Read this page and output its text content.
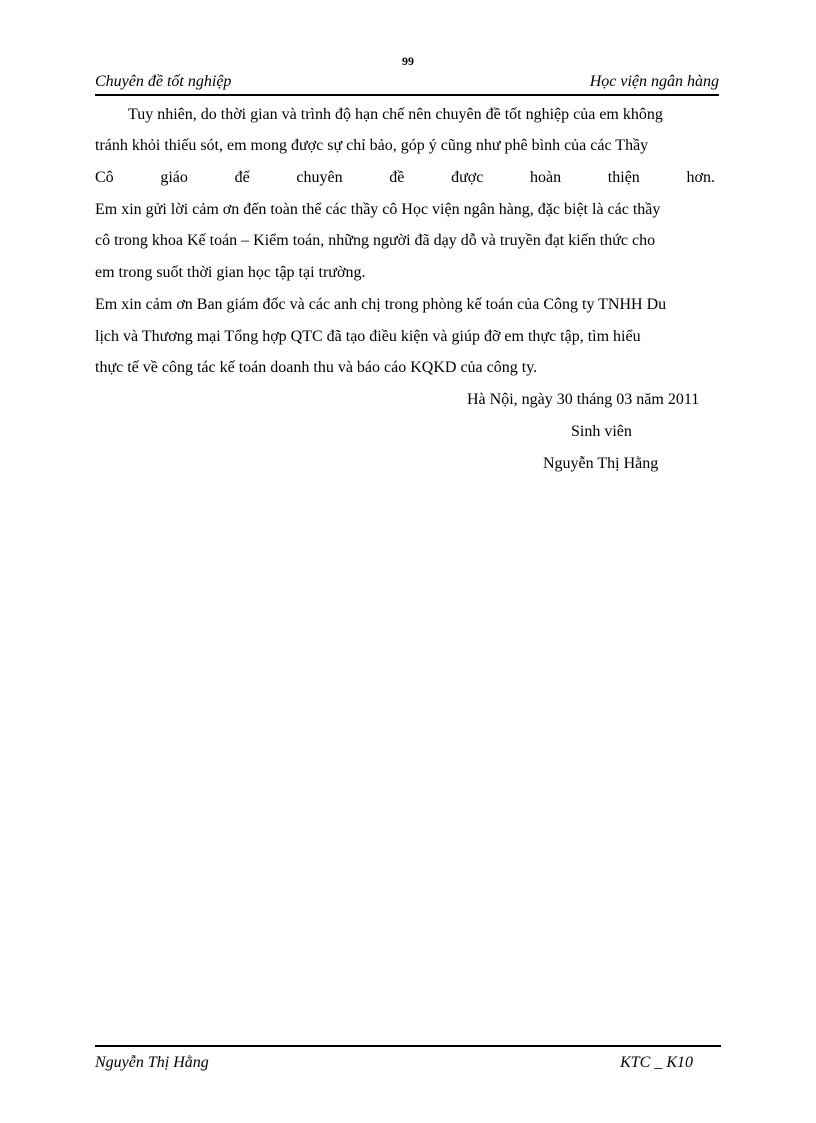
99
Chuyên đề tốt nghiệp	Học viện ngân hàng
Tuy nhiên, do thời gian và trình độ hạn chế nên chuyên đề tốt nghiệp của em không
tránh khỏi thiếu sót, em mong được sự chỉ bảo, góp ý cũng như phê bình của các Thầy
Cô	giáo	để	chuyên	đề	được	hoàn	thiện	hơn.
Em xin gửi lời cảm ơn đến toàn thể các thầy cô Học viện ngân hàng, đặc biệt là các thầy
cô trong khoa Kế toán – Kiểm toán, những người đã dạy dỗ và truyền đạt kiến thức cho
em trong suốt thời gian học tập tại trường.
Em xin cảm ơn Ban giám đốc và các anh chị trong phòng kế toán của Công ty TNHH Du
lịch và Thương mại Tổng hợp QTC đã tạo điều kiện và giúp đỡ em thực tập, tìm hiểu
thực tế về công tác kế toán doanh thu và báo cáo KQKD của công ty.
Hà Nội, ngày 30 tháng 03 năm 2011
Sinh viên
Nguyễn Thị Hằng
Nguyễn Thị Hằng	KTC _ K10
